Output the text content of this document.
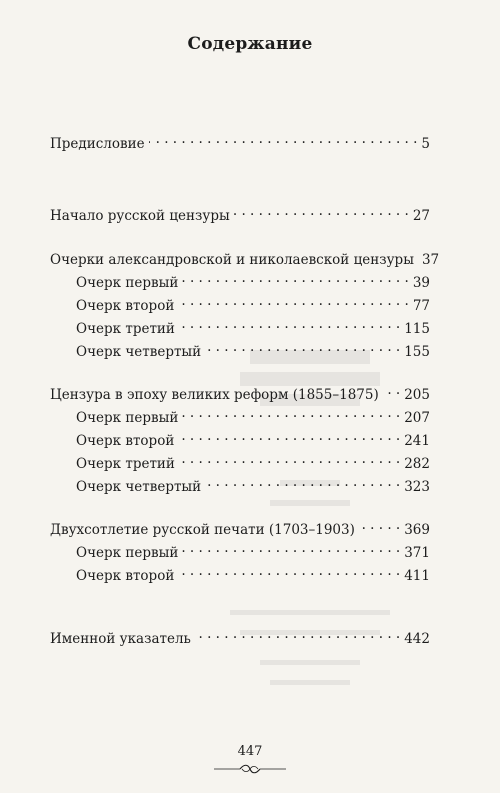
Содержание
Предисловие . . .	5
Начало русской цензуры . . .	27
Очерки александровской и николаевской цензуры 37
Очерк первый . . .	39
Очерк второй . . .	77
Очерк третий . . .	115
Очерк четвертый . . .	155
Цензура в эпоху великих реформ (1855–1875) . . . 205
Очерк первый . . .	207
Очерк второй . . .	241
Очерк третий . . .	282
Очерк четвертый . . .	323
Двухсотлетие русской печати (1703–1903) . . .	369
Очерк первый . . .	371
Очерк второй . . .	411
Именной указатель . . .	442
447
